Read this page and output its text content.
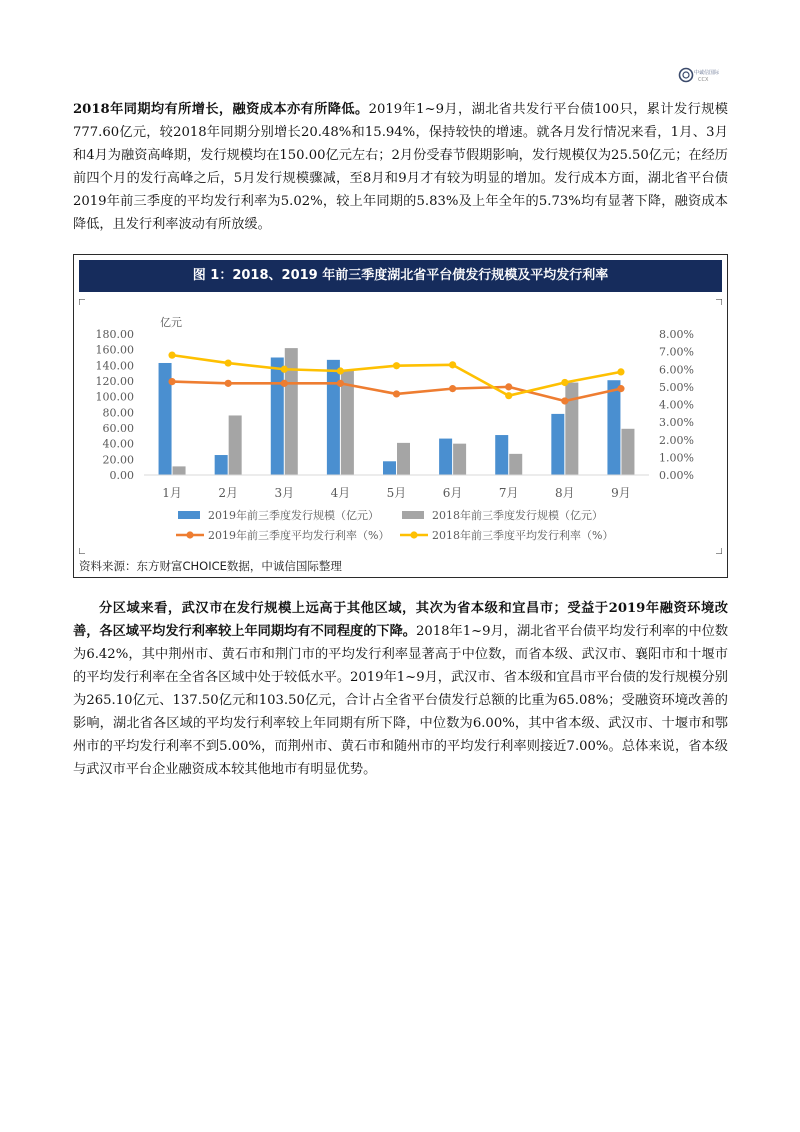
中诚信国际
CCX

2018年同期均有所增长，融资成本亦有所降低。2019年1~9月，湖北省共发行平台债100只，累计发行规模777.60亿元，较2018年同期分别增长20.48%和15.94%，保持较快的增速。就各月发行情况来看，1月、3月和4月为融资高峰期，发行规模均在150.00亿元左右；2月份受春节假期影响，发行规模仅为25.50亿元；在经历前四个月的发行高峰之后，5月发行规模骤减，至8月和9月才有较为明显的增加。发行成本方面，湖北省平台债2019年前三季度的平均发行利率为5.02%，较上年同期的5.83%及上年全年的5.73%均有显著下降，融资成本降低，且发行利率波动有所放缓。

图 1：2018、2019 年前三季度湖北省平台债发行规模及平均发行利率
亿元
0.00
20.00
40.00
60.00
80.00
100.00
120.00
140.00
160.00
180.00
0.00%
1.00%
2.00%
3.00%
4.00%
5.00%
6.00%
7.00%
8.00%
1月	2月	3月	4月	5月	6月	7月	8月	9月
2019年前三季度发行规模（亿元）	2018年前三季度发行规模（亿元）
2019年前三季度平均发行利率（%）	2018年前三季度平均发行利率（%）
资料来源：东方财富CHOICE数据，中诚信国际整理

分区域来看，武汉市在发行规模上远高于其他区域，其次为省本级和宜昌市；受益于2019年融资环境改善，各区域平均发行利率较上年同期均有不同程度的下降。2018年1~9月，湖北省平台债平均发行利率的中位数为6.42%，其中荆州市、黄石市和荆门市的平均发行利率显著高于中位数，而省本级、武汉市、襄阳市和十堰市的平均发行利率在全省各区域中处于较低水平。2019年1~9月，武汉市、省本级和宜昌市平台债的发行规模分别为265.10亿元、137.50亿元和103.50亿元，合计占全省平台债发行总额的比重为65.08%；受融资环境改善的影响，湖北省各区域的平均发行利率较上年同期有所下降，中位数为6.00%，其中省本级、武汉市、十堰市和鄂州市的平均发行利率不到5.00%，而荆州市、黄石市和随州市的平均发行利率则接近7.00%。总体来说，省本级与武汉市平台企业融资成本较其他地市有明显优势。
